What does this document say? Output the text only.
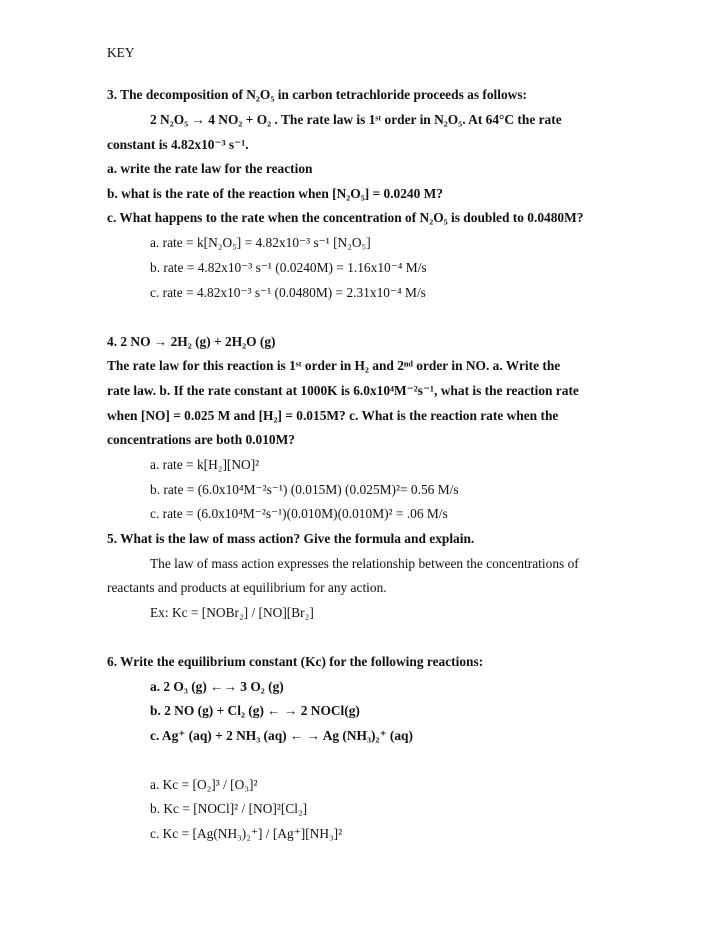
KEY
3. The decomposition of N₂O₅ in carbon tetrachloride proceeds as follows:
2 N₂O₅ → 4 NO₂ + O₂ . The rate law is 1ˢᵗ order in N₂O₅. At 64°C the rate
constant is 4.82x10⁻³ s⁻¹.
a. write the rate law for the reaction
b. what is the rate of the reaction when [N₂O₅] = 0.0240 M?
c. What happens to the rate when the concentration of N₂O₅ is doubled to 0.0480M?
a. rate = k[N₂O₅] = 4.82x10⁻³ s⁻¹ [N₂O₅]
b. rate = 4.82x10⁻³ s⁻¹ (0.0240M) = 1.16x10⁻⁴ M/s
c. rate = 4.82x10⁻³ s⁻¹ (0.0480M) = 2.31x10⁻⁴ M/s
4. 2 NO → 2H₂ (g) + 2H₂O (g)
The rate law for this reaction is 1ˢᵗ order in H₂ and 2ⁿᵈ order in NO. a. Write the
rate law. b. If the rate constant at 1000K is 6.0x10⁴M⁻²s⁻¹, what is the reaction rate
when [NO] = 0.025 M and [H₂] = 0.015M? c. What is the reaction rate when the
concentrations are both 0.010M?
a. rate = k[H₂][NO]²
b. rate = (6.0x10⁴M⁻²s⁻¹) (0.015M) (0.025M)²= 0.56 M/s
c. rate = (6.0x10⁴M⁻²s⁻¹)(0.010M)(0.010M)² = .06 M/s
5. What is the law of mass action? Give the formula and explain.
The law of mass action expresses the relationship between the concentrations of
reactants and products at equilibrium for any action.
Ex: Kc = [NOBr₂] / [NO][Br₂]
6. Write the equilibrium constant (Kc) for the following reactions:
a. 2 O₃ (g) ←→ 3 O₂ (g)
b. 2 NO (g) + Cl₂ (g) ← → 2 NOCl(g)
c. Ag⁺ (aq) + 2 NH₃ (aq) ← → Ag (NH₃)₂⁺ (aq)
a. Kc = [O₂]³ / [O₃]²
b. Kc = [NOCl]² / [NO]²[Cl₂]
c. Kc = [Ag(NH₃)₂⁺] / [Ag⁺][NH₃]²
